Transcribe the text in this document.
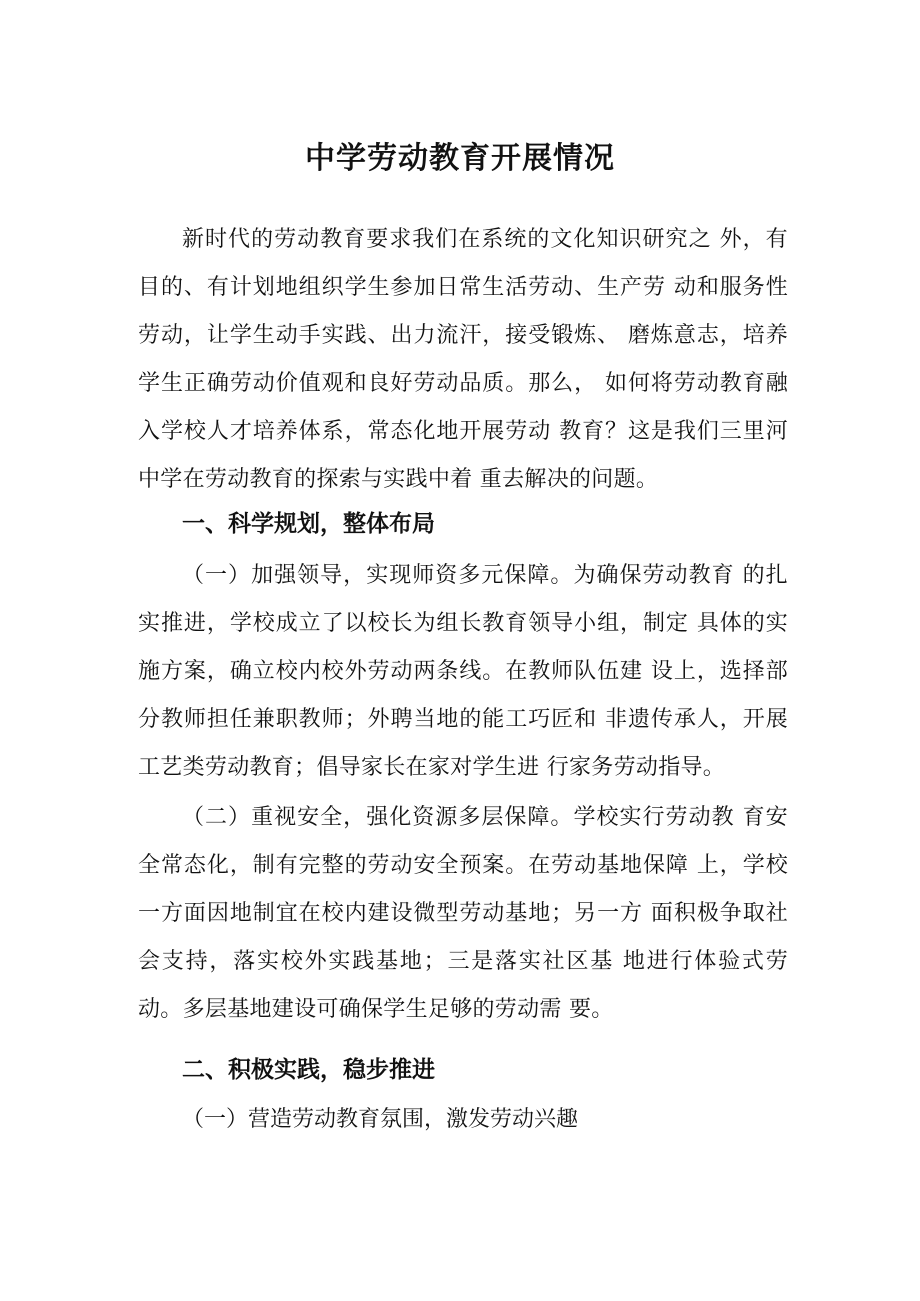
中学劳动教育开展情况

新时代的劳动教育要求我们在系统的文化知识研究之 外，有目的、有计划地组织学生参加日常生活劳动、生产劳 动和服务性劳动，让学生动手实践、出力流汗，接受锻炼、 磨炼意志，培养学生正确劳动价值观和良好劳动品质。那么， 如何将劳动教育融入学校人才培养体系，常态化地开展劳动 教育？这是我们三里河中学在劳动教育的探索与实践中着 重去解决的问题。

一、科学规划，整体布局

（一）加强领导，实现师资多元保障。为确保劳动教育 的扎实推进，学校成立了以校长为组长教育领导小组，制定 具体的实施方案，确立校内校外劳动两条线。在教师队伍建 设上，选择部分教师担任兼职教师；外聘当地的能工巧匠和 非遗传承人，开展工艺类劳动教育；倡导家长在家对学生进 行家务劳动指导。

（二）重视安全，强化资源多层保障。学校实行劳动教 育安全常态化，制有完整的劳动安全预案。在劳动基地保障 上，学校一方面因地制宜在校内建设微型劳动基地；另一方 面积极争取社会支持，落实校外实践基地；三是落实社区基 地进行体验式劳动。多层基地建设可确保学生足够的劳动需 要。

二、积极实践，稳步推进

（一）营造劳动教育氛围，激发劳动兴趣
